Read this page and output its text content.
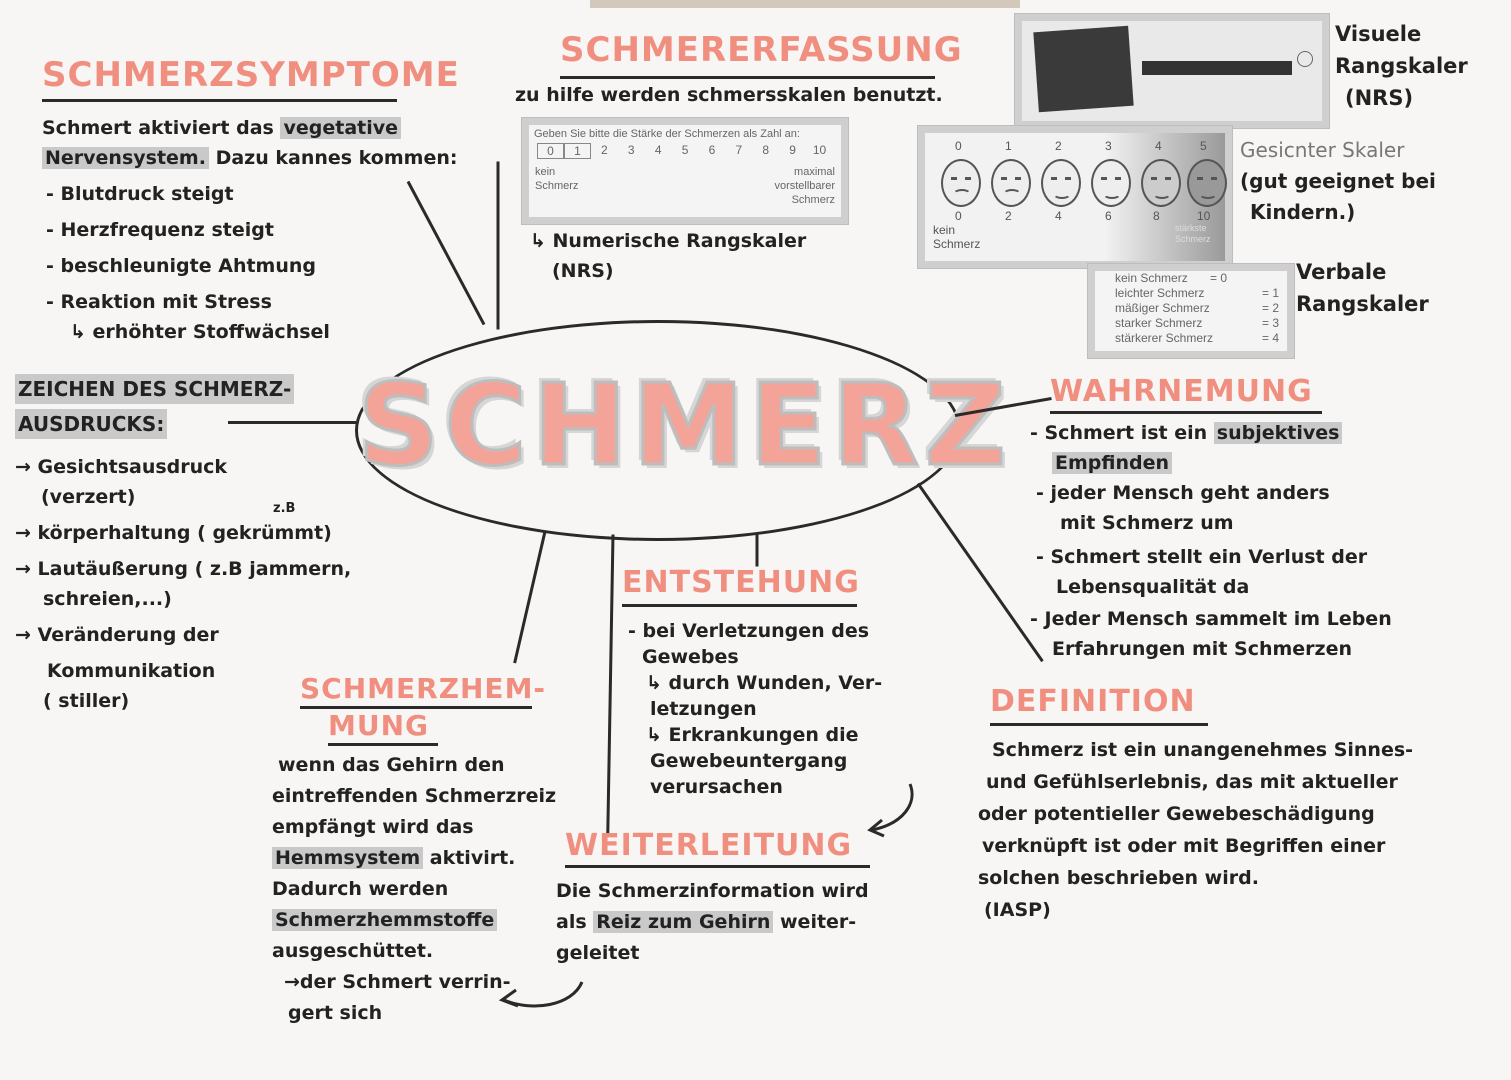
SCHMERZ
SCHMERZSYMPTOME
Schmert aktiviert das vegetative
Nervensystem. Dazu kannes kommen:

- Blutdruck steigt
- Herzfrequenz steigt
- beschleunigte Ahtmung
- Reaktion mit Stress
↳ erhöhter Stoffwächsel
SCHMERERFASSUNG
zu hilfe werden schmersskalen benutzt.
Geben Sie bitte die Stärke der Schmerzen als Zahl an:
0	1	2	3	4	5	6	7	8	9	10
kein
Schmerz
maximal
vorstellbarer
Schmerz
↳ Numerische Rangskaler
(NRS)
Visuele
Rangskaler
(NRS)
0	1	2	3	4	5
0	2	4	6	8	10
kein
Schmerz
stärkste
Schmerz
Gesicnter Skaler
(gut geeignet bei
Kindern.)
kein Schmerz = 0
leichter Schmerz	= 1
mäßiger Schmerz	= 2
starker Schmerz	= 3
stärkerer Schmerz	= 4
Verbale
Rangskaler
ZEICHEN DES SCHMERZ-
AUSDRUCKS:
→ Gesichtsausdruck
(verzert)
z.B
→ körperhaltung ( gekrümmt)
→ Lautäußerung ( z.B jammern,
schreien,...)
→ Veränderung der
Kommunikation
( stiller)
WAHRNEMUNG
- Schmert ist ein subjektives
Empfinden
- jeder Mensch geht anders
mit Schmerz um
- Schmert stellt ein Verlust der
Lebensqualität da
- Jeder Mensch sammelt im Leben
Erfahrungen mit Schmerzen
ENTSTEHUNG
- bei Verletzungen des
Gewebes
↳ durch Wunden, Ver-
letzungen
↳ Erkrankungen die
Gewebeuntergang
verursachen
SCHMERZHEM-
MUNG
wenn das Gehirn den
eintreffenden Schmerzreiz
empfängt wird das
Hemmsystem aktivirt.
Dadurch werden
Schmerzhemmstoffe
ausgeschüttet.
→der Schmert verrin-
gert sich
WEITERLEITUNG
Die Schmerzinformation wird
als Reiz zum Gehirn weiter-
geleitet
DEFINITION
Schmerz ist ein unangenehmes Sinnes-
und Gefühlserlebnis, das mit aktueller
oder potentieller Gewebeschädigung
verknüpft ist oder mit Begriffen einer
solchen beschrieben wird.
(IASP)
